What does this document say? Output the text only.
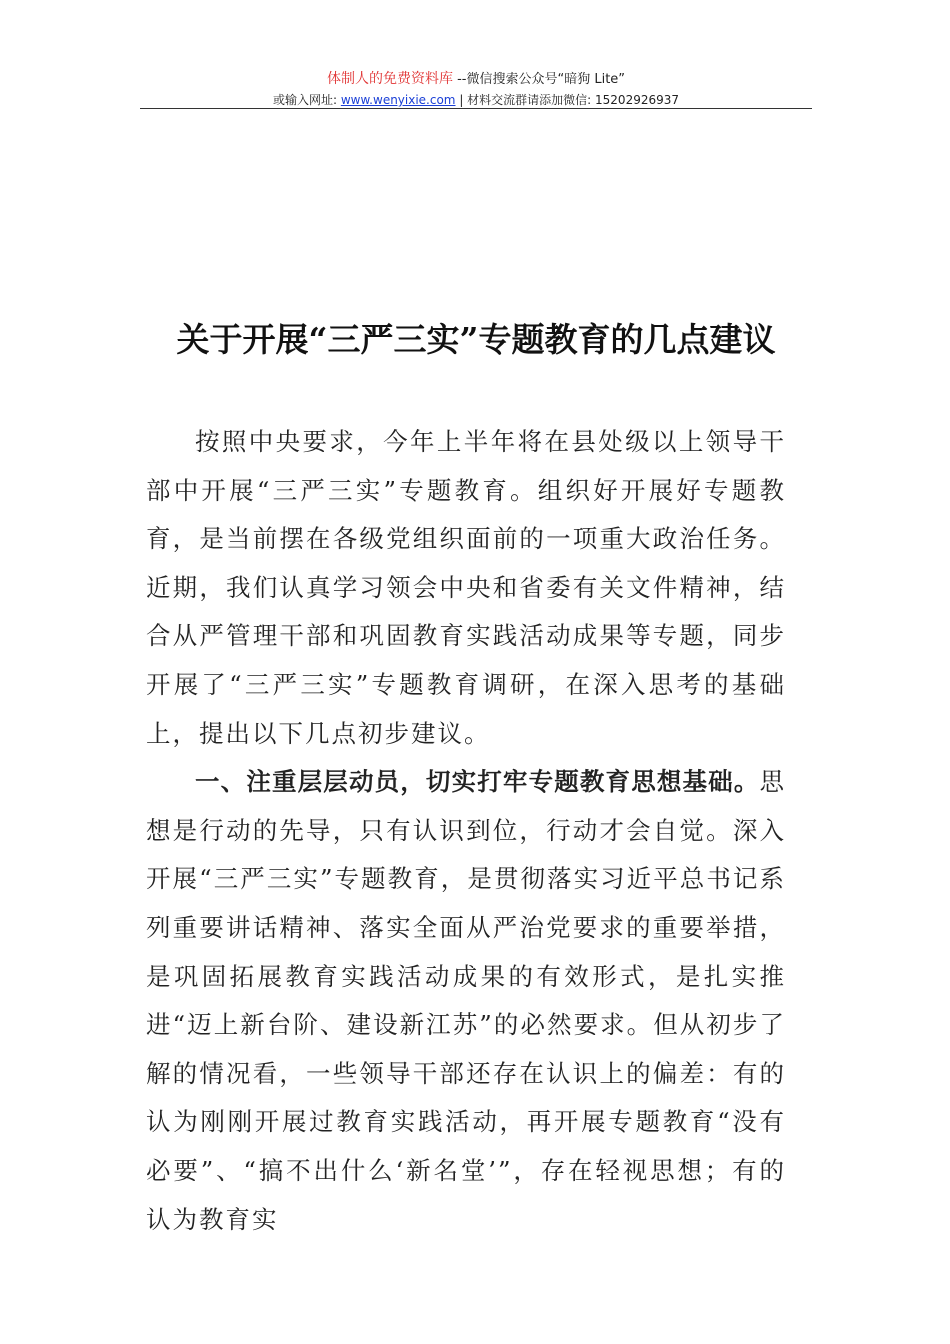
体制人的免费资料库 --微信搜索公众号“暗狗 Lite”
或输入网址: www.wenyixie.com | 材料交流群请添加微信: 15202926937
关于开展“三严三实”专题教育的几点建议

按照中央要求，今年上半年将在县处级以上领导干部中开展“三严三实”专题教育。组织好开展好专题教育，是当前摆在各级党组织面前的一项重大政治任务。近期，我们认真学习领会中央和省委有关文件精神，结合从严管理干部和巩固教育实践活动成果等专题，同步开展了“三严三实”专题教育调研，在深入思考的基础上，提出以下几点初步建议。

一、注重层层动员，切实打牢专题教育思想基础。思想是行动的先导，只有认识到位，行动才会自觉。深入开展“三严三实”专题教育，是贯彻落实习近平总书记系列重要讲话精神、落实全面从严治党要求的重要举措，是巩固拓展教育实践活动成果的有效形式，是扎实推进“迈上新台阶、建设新江苏”的必然要求。但从初步了解的情况看，一些领导干部还存在认识上的偏差：有的认为刚刚开展过教育实践活动，再开展专题教育“没有必要”、“搞不出什么‘新名堂’”，存在轻视思想；有的认为教育实
